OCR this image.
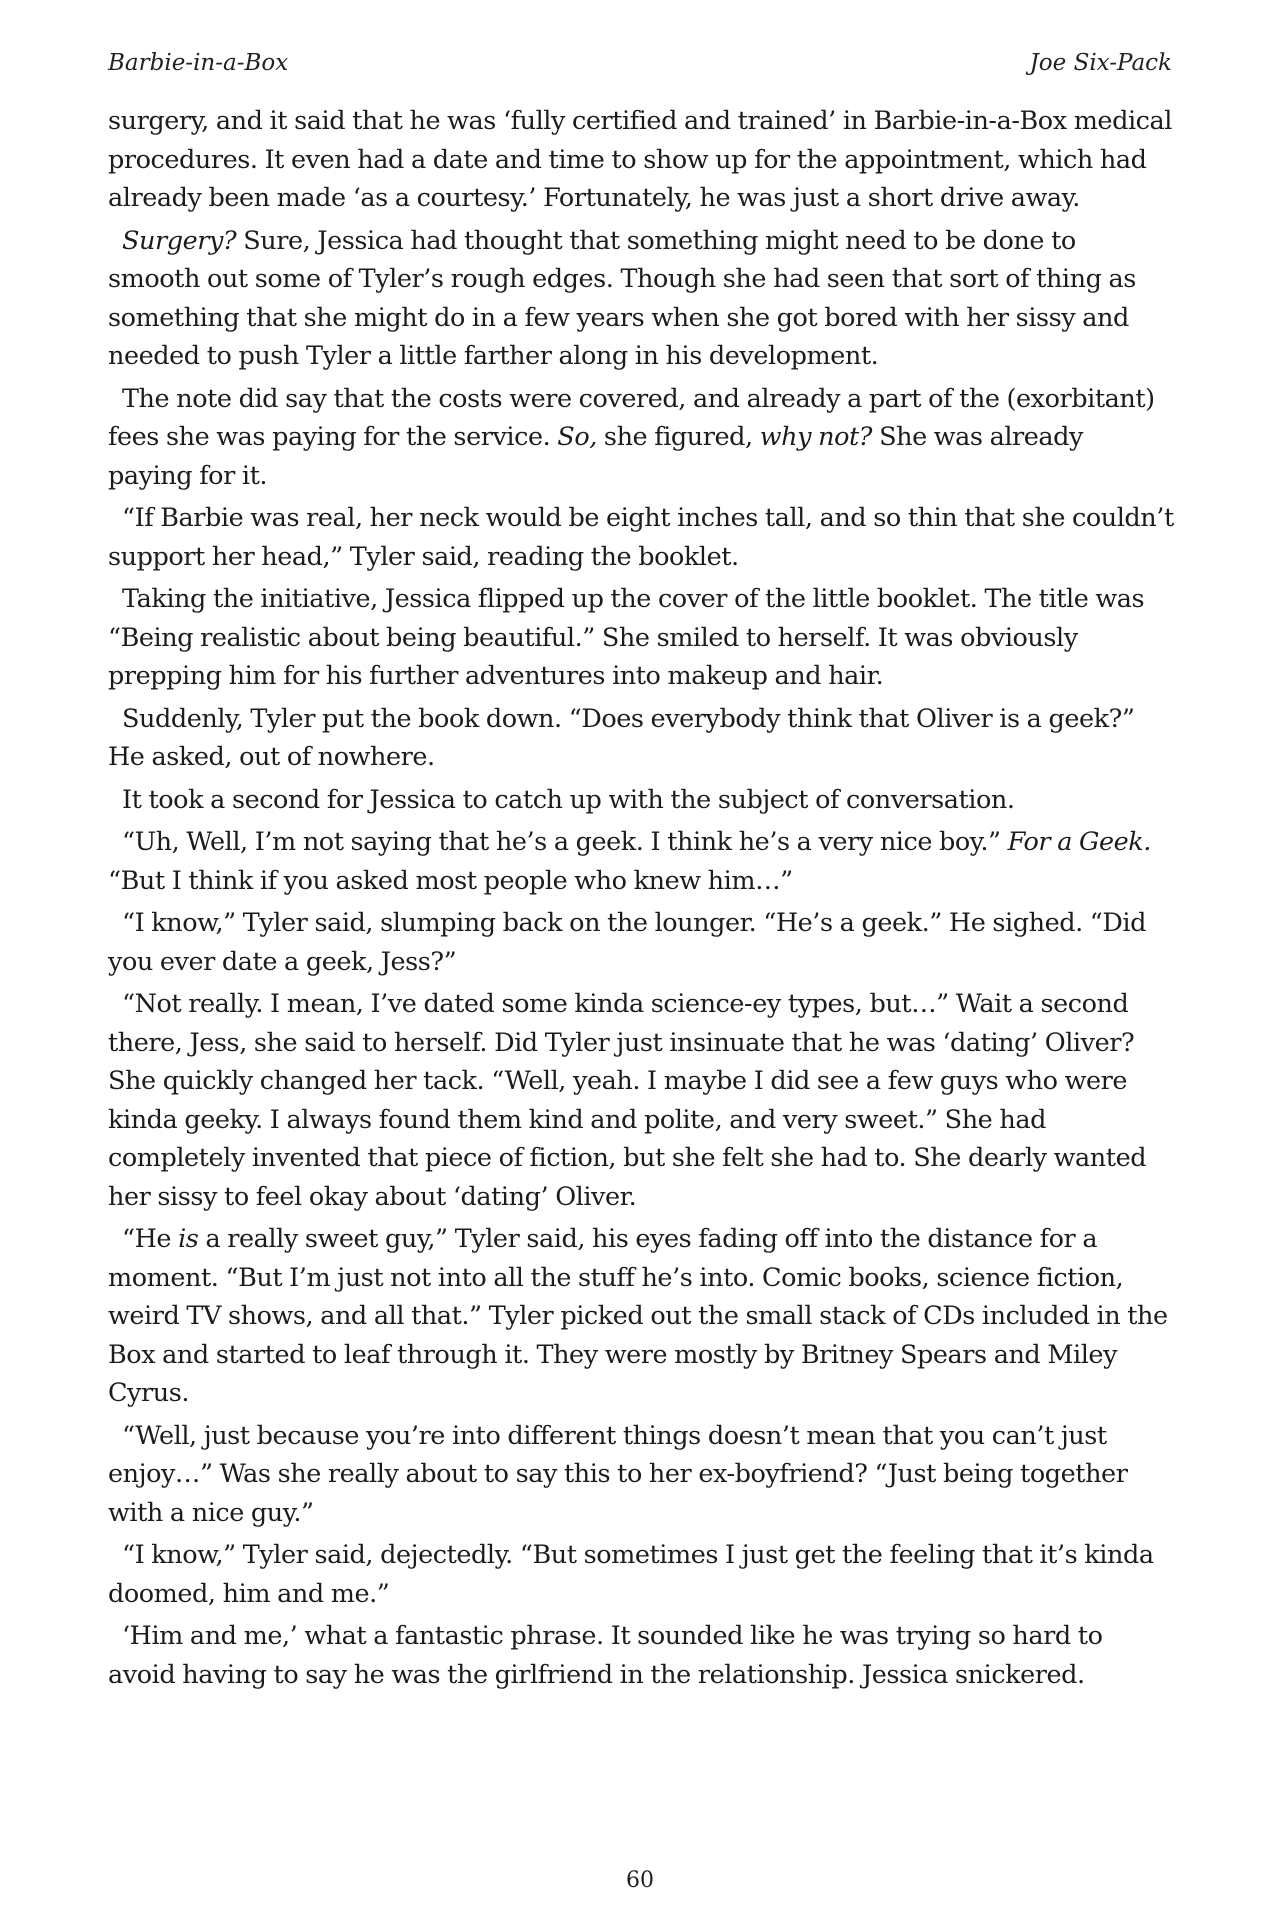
Barbie-in-a-Box	Joe Six-Pack

surgery, and it said that he was ‘fully certified and trained’ in Barbie-in-a-Box medical procedures. It even had a date and time to show up for the appointment, which had already been made ‘as a courtesy.’ Fortunately, he was just a short drive away.

Surgery? Sure, Jessica had thought that something might need to be done to smooth out some of Tyler’s rough edges. Though she had seen that sort of thing as something that she might do in a few years when she got bored with her sissy and needed to push Tyler a little farther along in his development.

The note did say that the costs were covered, and already a part of the (exorbitant) fees she was paying for the service. So, she figured, why not? She was already paying for it.

“If Barbie was real, her neck would be eight inches tall, and so thin that she couldn’t support her head,” Tyler said, reading the booklet.

Taking the initiative, Jessica flipped up the cover of the little booklet. The title was “Being realistic about being beautiful.” She smiled to herself. It was obviously prepping him for his further adventures into makeup and hair.

Suddenly, Tyler put the book down. “Does everybody think that Oliver is a geek?” He asked, out of nowhere.

It took a second for Jessica to catch up with the subject of conversation.

“Uh, Well, I’m not saying that he’s a geek. I think he’s a very nice boy.” For a Geek. “But I think if you asked most people who knew him…”

“I know,” Tyler said, slumping back on the lounger. “He’s a geek.” He sighed. “Did you ever date a geek, Jess?”

“Not really. I mean, I’ve dated some kinda science-ey types, but…” Wait a second there, Jess, she said to herself. Did Tyler just insinuate that he was ‘dating’ Oliver? She quickly changed her tack. “Well, yeah. I maybe I did see a few guys who were kinda geeky. I always found them kind and polite, and very sweet.” She had completely invented that piece of fiction, but she felt she had to. She dearly wanted her sissy to feel okay about ‘dating’ Oliver.

“He is a really sweet guy,” Tyler said, his eyes fading off into the distance for a moment. “But I’m just not into all the stuff he’s into. Comic books, science fiction, weird TV shows, and all that.” Tyler picked out the small stack of CDs included in the Box and started to leaf through it. They were mostly by Britney Spears and Miley Cyrus.

“Well, just because you’re into different things doesn’t mean that you can’t just enjoy…” Was she really about to say this to her ex-boyfriend? “Just being together with a nice guy.”

“I know,” Tyler said, dejectedly. “But sometimes I just get the feeling that it’s kinda doomed, him and me.”

‘Him and me,’ what a fantastic phrase. It sounded like he was trying so hard to avoid having to say he was the girlfriend in the relationship. Jessica snickered.

60
